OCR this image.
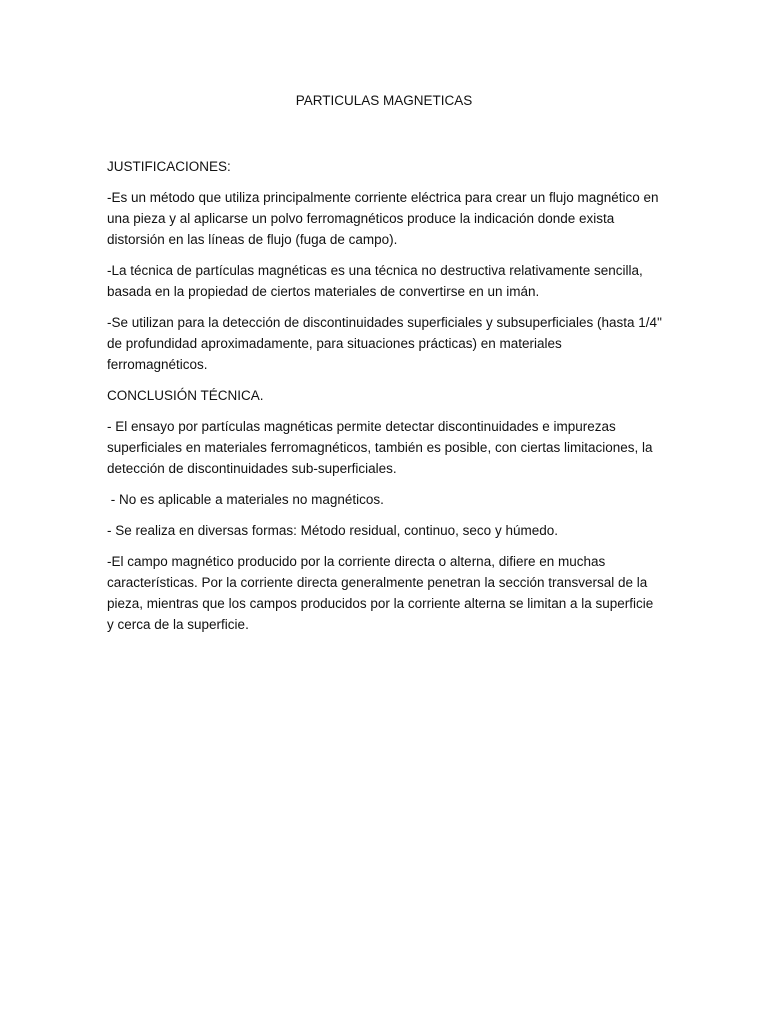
PARTICULAS MAGNETICAS

JUSTIFICACIONES:

-Es un método que utiliza principalmente corriente eléctrica para crear un flujo magnético en una pieza y al aplicarse un polvo ferromagnéticos produce la indicación donde exista distorsión en las líneas de flujo (fuga de campo).

-La técnica de partículas magnéticas es una técnica no destructiva relativamente sencilla, basada en la propiedad de ciertos materiales de convertirse en un imán.

-Se utilizan para la detección de discontinuidades superficiales y subsuperficiales (hasta 1/4" de profundidad aproximadamente, para situaciones prácticas) en materiales ferromagnéticos.

CONCLUSIÓN TÉCNICA.

- El ensayo por partículas magnéticas permite detectar discontinuidades e impurezas superficiales en materiales ferromagnéticos, también es posible, con ciertas limitaciones, la detección de discontinuidades sub-superficiales.

- No es aplicable a materiales no magnéticos.

- Se realiza en diversas formas: Método residual, continuo, seco y húmedo.

-El campo magnético producido por la corriente directa o alterna, difiere en muchas características. Por la corriente directa generalmente penetran la sección transversal de la pieza, mientras que los campos producidos por la corriente alterna se limitan a la superficie y cerca de la superficie.
